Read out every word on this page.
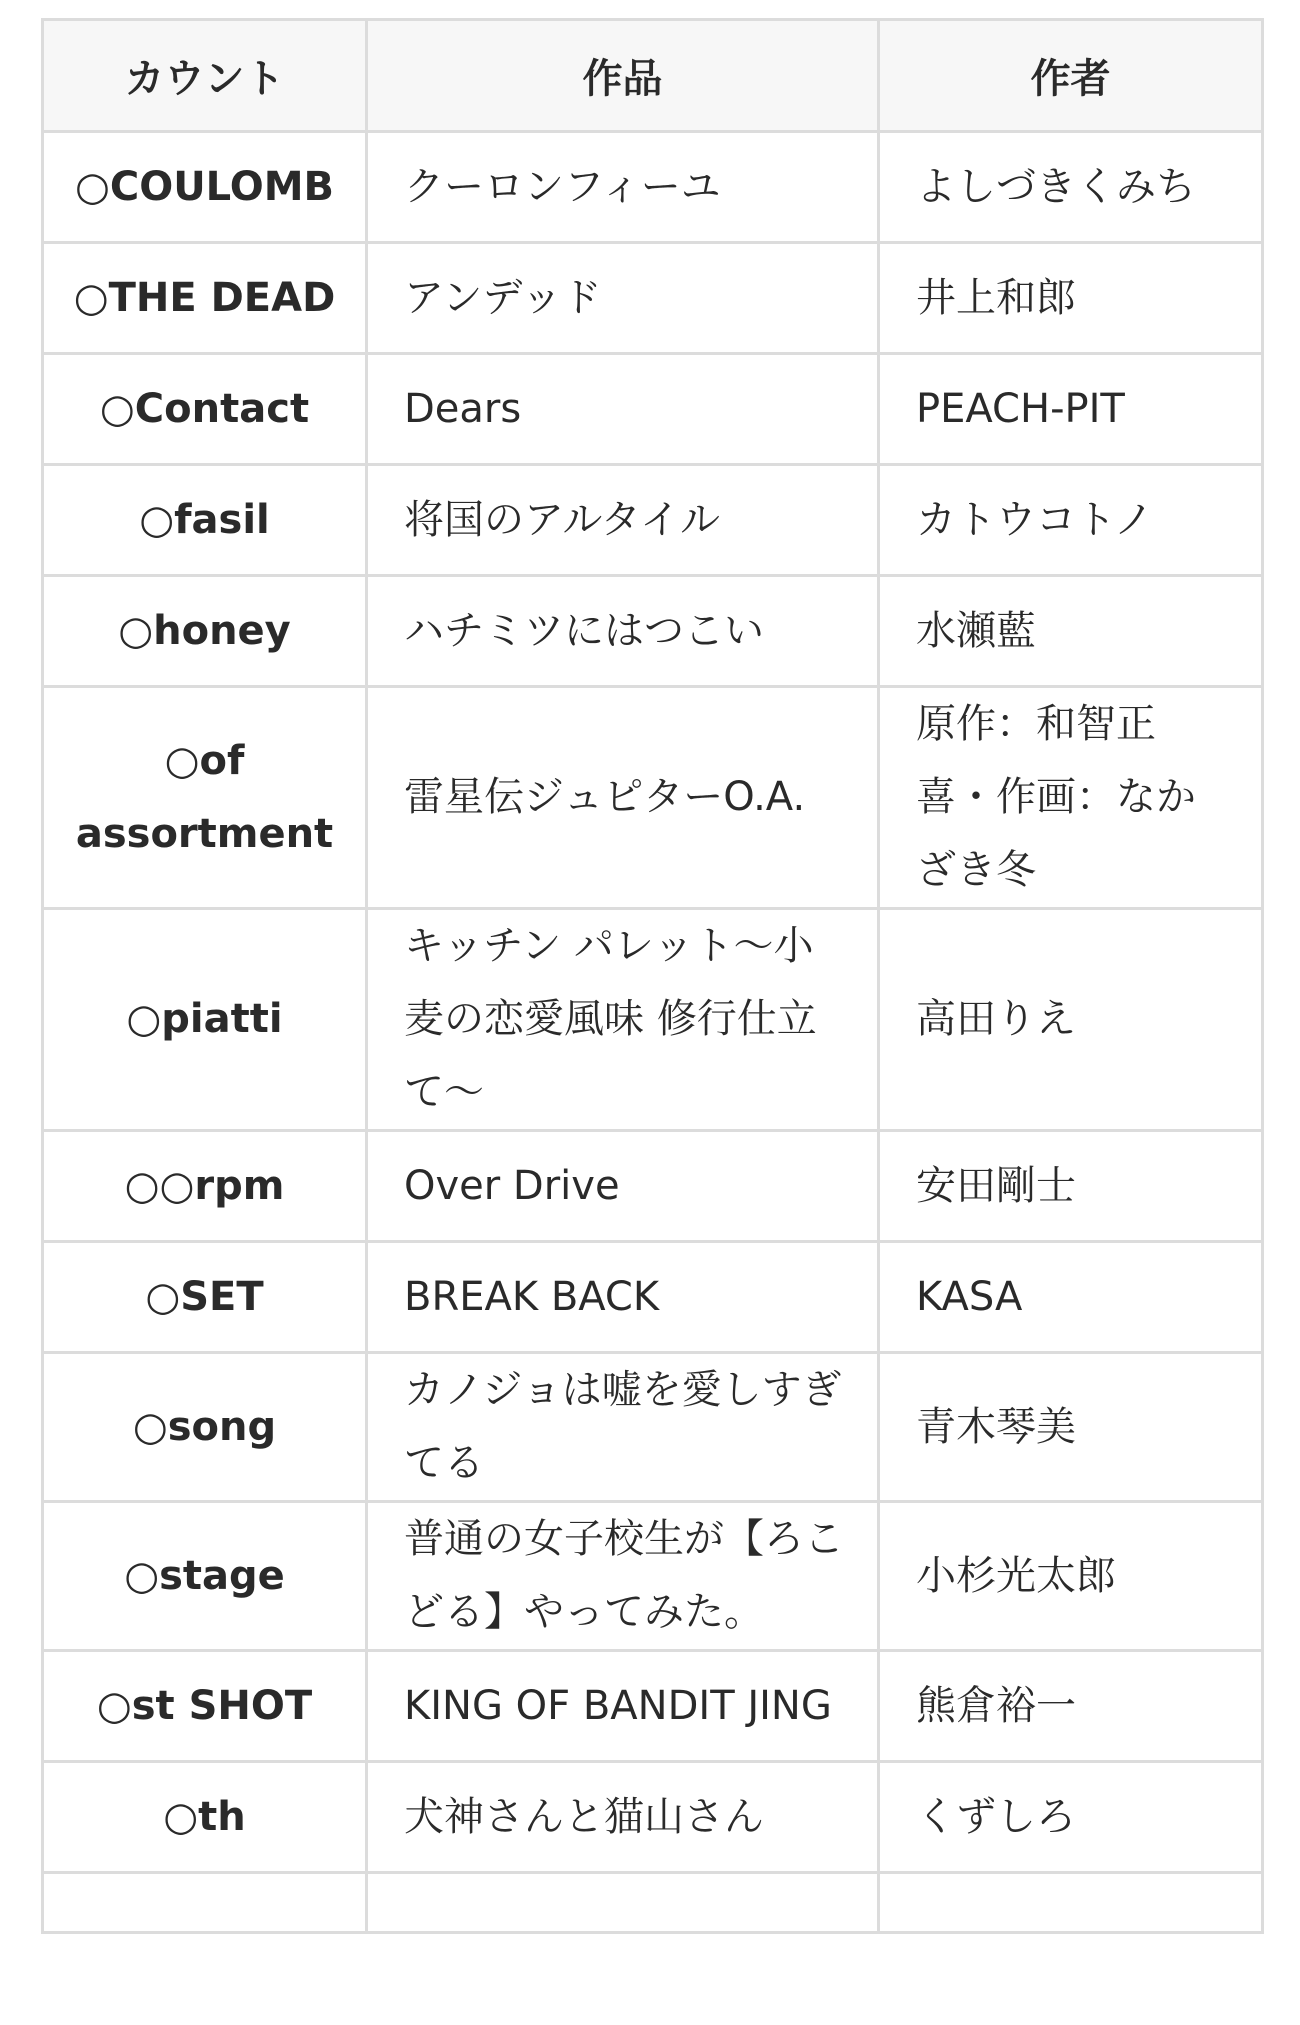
カウント	作品	作者
○COULOMB	クーロンフィーユ	よしづきくみち
○THE DEAD	アンデッド	井上和郎
○Contact	Dears	PEACH-PIT
○fasil	将国のアルタイル	カトウコトノ
○honey	ハチミツにはつこい	水瀬藍
○of assortment	雷星伝ジュピターO.A.	原作：和智正喜・作画：なかざき冬
○piatti	キッチン パレット〜小麦の恋愛風味 修行仕立て〜	高田りえ
○○rpm	Over Drive	安田剛士
○SET	BREAK BACK	KASA
○song	カノジョは嘘を愛しすぎてる	青木琴美
○stage	普通の女子校生が【ろこどる】やってみた。	小杉光太郎
○st SHOT	KING OF BANDIT JING	熊倉裕一
○th	犬神さんと猫山さん	くずしろ
